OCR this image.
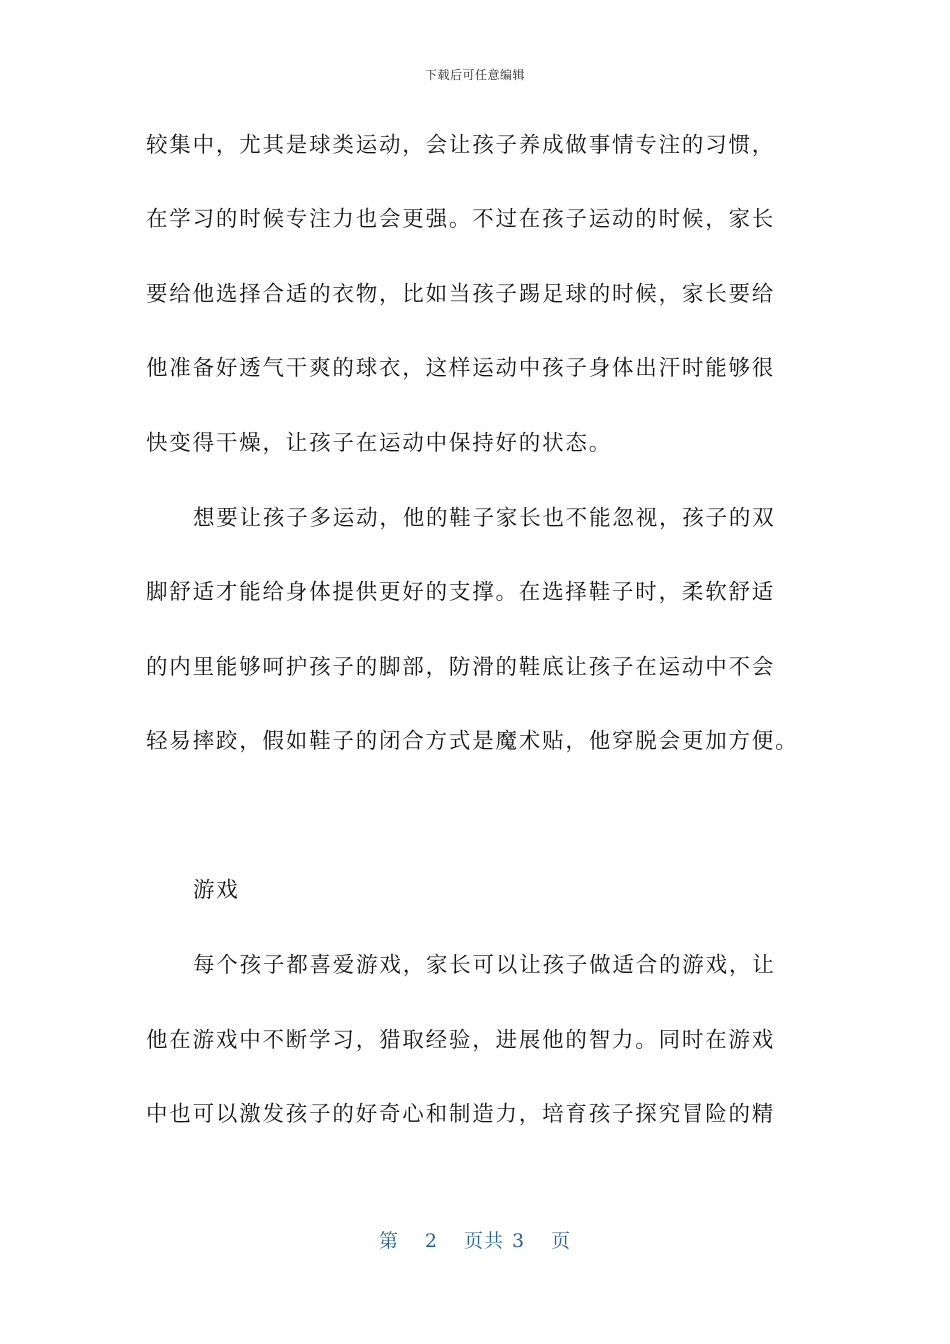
下载后可任意编辑
较集中，尤其是球类运动，会让孩子养成做事情专注的习惯，
在学习的时候专注力也会更强。不过在孩子运动的时候，家长
要给他选择合适的衣物，比如当孩子踢足球的时候，家长要给
他准备好透气干爽的球衣，这样运动中孩子身体出汗时能够很
快变得干燥，让孩子在运动中保持好的状态。
想要让孩子多运动，他的鞋子家长也不能忽视，孩子的双
脚舒适才能给身体提供更好的支撑。在选择鞋子时，柔软舒适
的内里能够呵护孩子的脚部，防滑的鞋底让孩子在运动中不会
轻易摔跤，假如鞋子的闭合方式是魔术贴，他穿脱会更加方便。
游戏
每个孩子都喜爱游戏，家长可以让孩子做适合的游戏，让
他在游戏中不断学习，猎取经验，进展他的智力。同时在游戏
中也可以激发孩子的好奇心和制造力，培育孩子探究冒险的精
第 2 页共 3 页
